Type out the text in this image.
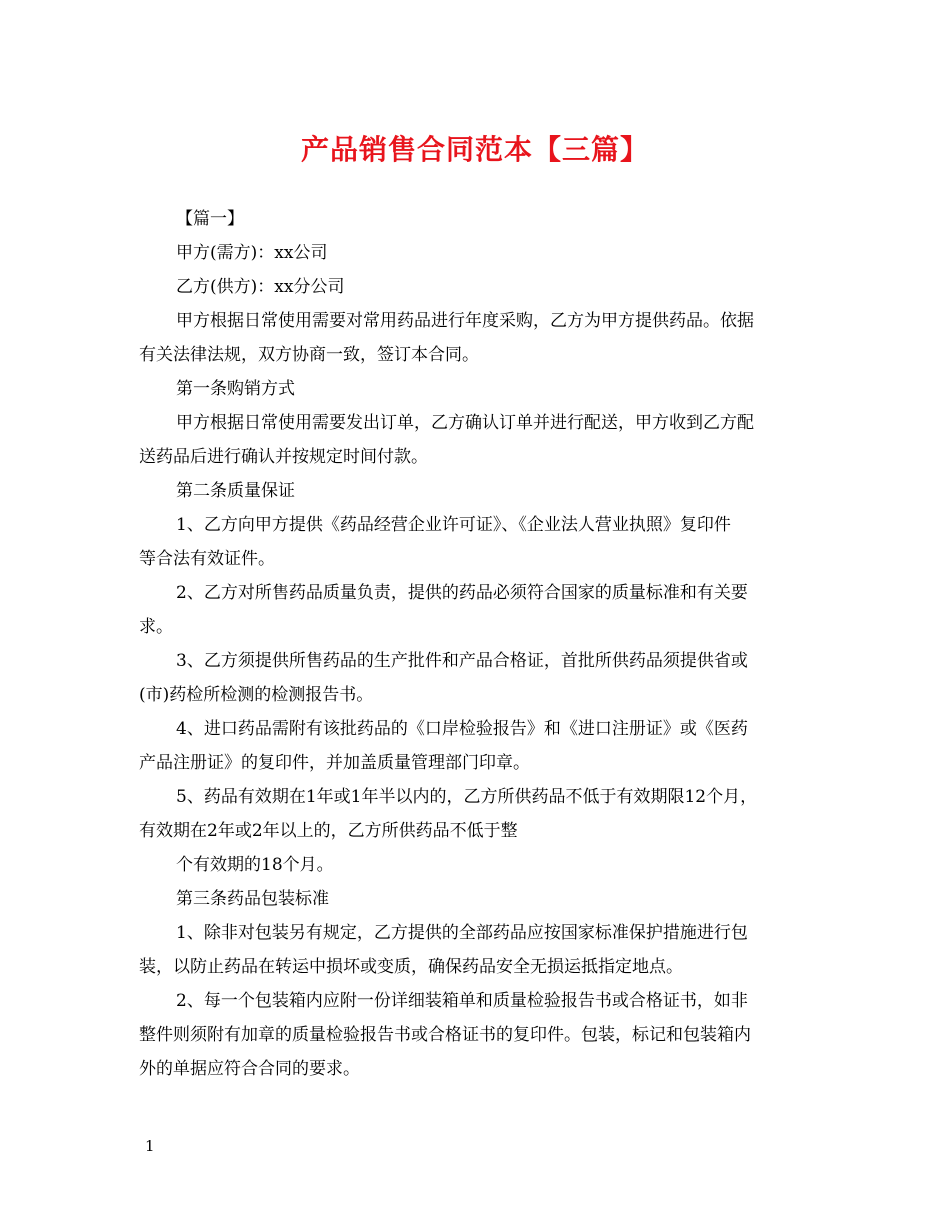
产品销售合同范本【三篇】
【篇一】
甲方(需方)：xx公司
乙方(供方)：xx分公司
甲方根据日常使用需要对常用药品进行年度采购，乙方为甲方提供药品。依据
有关法律法规，双方协商一致，签订本合同。
第一条购销方式
甲方根据日常使用需要发出订单，乙方确认订单并进行配送，甲方收到乙方配
送药品后进行确认并按规定时间付款。
第二条质量保证
1、乙方向甲方提供《药品经营企业许可证》、《企业法人营业执照》复印件
等合法有效证件。
2、乙方对所售药品质量负责，提供的药品必须符合国家的质量标准和有关要
求。
3、乙方须提供所售药品的生产批件和产品合格证，首批所供药品须提供省或
(市)药检所检测的检测报告书。
4、进口药品需附有该批药品的《口岸检验报告》和《进口注册证》或《医药
产品注册证》的复印件，并加盖质量管理部门印章。
5、药品有效期在1年或1年半以内的，乙方所供药品不低于有效期限12个月，
有效期在2年或2年以上的，乙方所供药品不低于整
个有效期的18个月。
第三条药品包装标准
1、除非对包装另有规定，乙方提供的全部药品应按国家标准保护措施进行包
装，以防止药品在转运中损坏或变质，确保药品安全无损运抵指定地点。
2、每一个包装箱内应附一份详细装箱单和质量检验报告书或合格证书，如非
整件则须附有加章的质量检验报告书或合格证书的复印件。包装，标记和包装箱内
外的单据应符合合同的要求。
1
